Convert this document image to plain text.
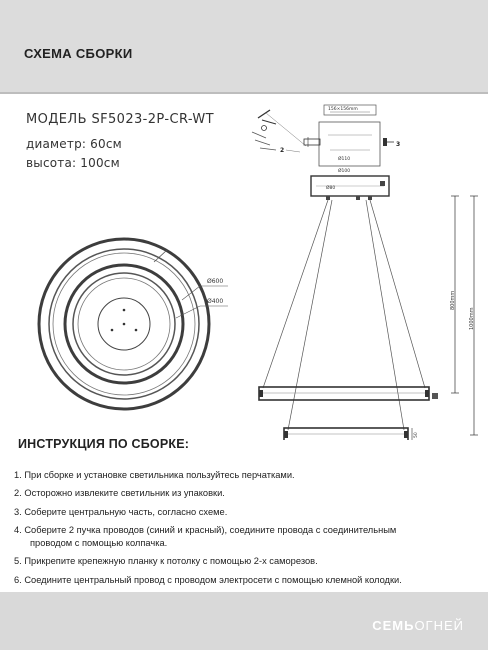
СХЕМА СБОРКИ
МОДЕЛЬ SF5023-2P-CR-WT
диаметр: 60см
высота: 100см
Ø600
Ø400
156×156mm
Ø110
Ø100
Ø80
800mm
1000mm
50
2
3
ИНСТРУКЦИЯ ПО СБОРКЕ:
1. При сборке и установке светильника пользуйтесь перчатками.
2. Осторожно извлеките светильник из упаковки.
3. Соберите центральную часть, согласно схеме.
4. Соберите 2 пучка проводов (синий и красный), соедините провода с соединительным
проводом с помощью колпачка.
5. Прикрепите крепежную планку к потолку с помощью 2-х саморезов.
6. Соедините центральный провод с проводом электросети с помощью клемной колодки.
СЕМЬОГНЕЙ
